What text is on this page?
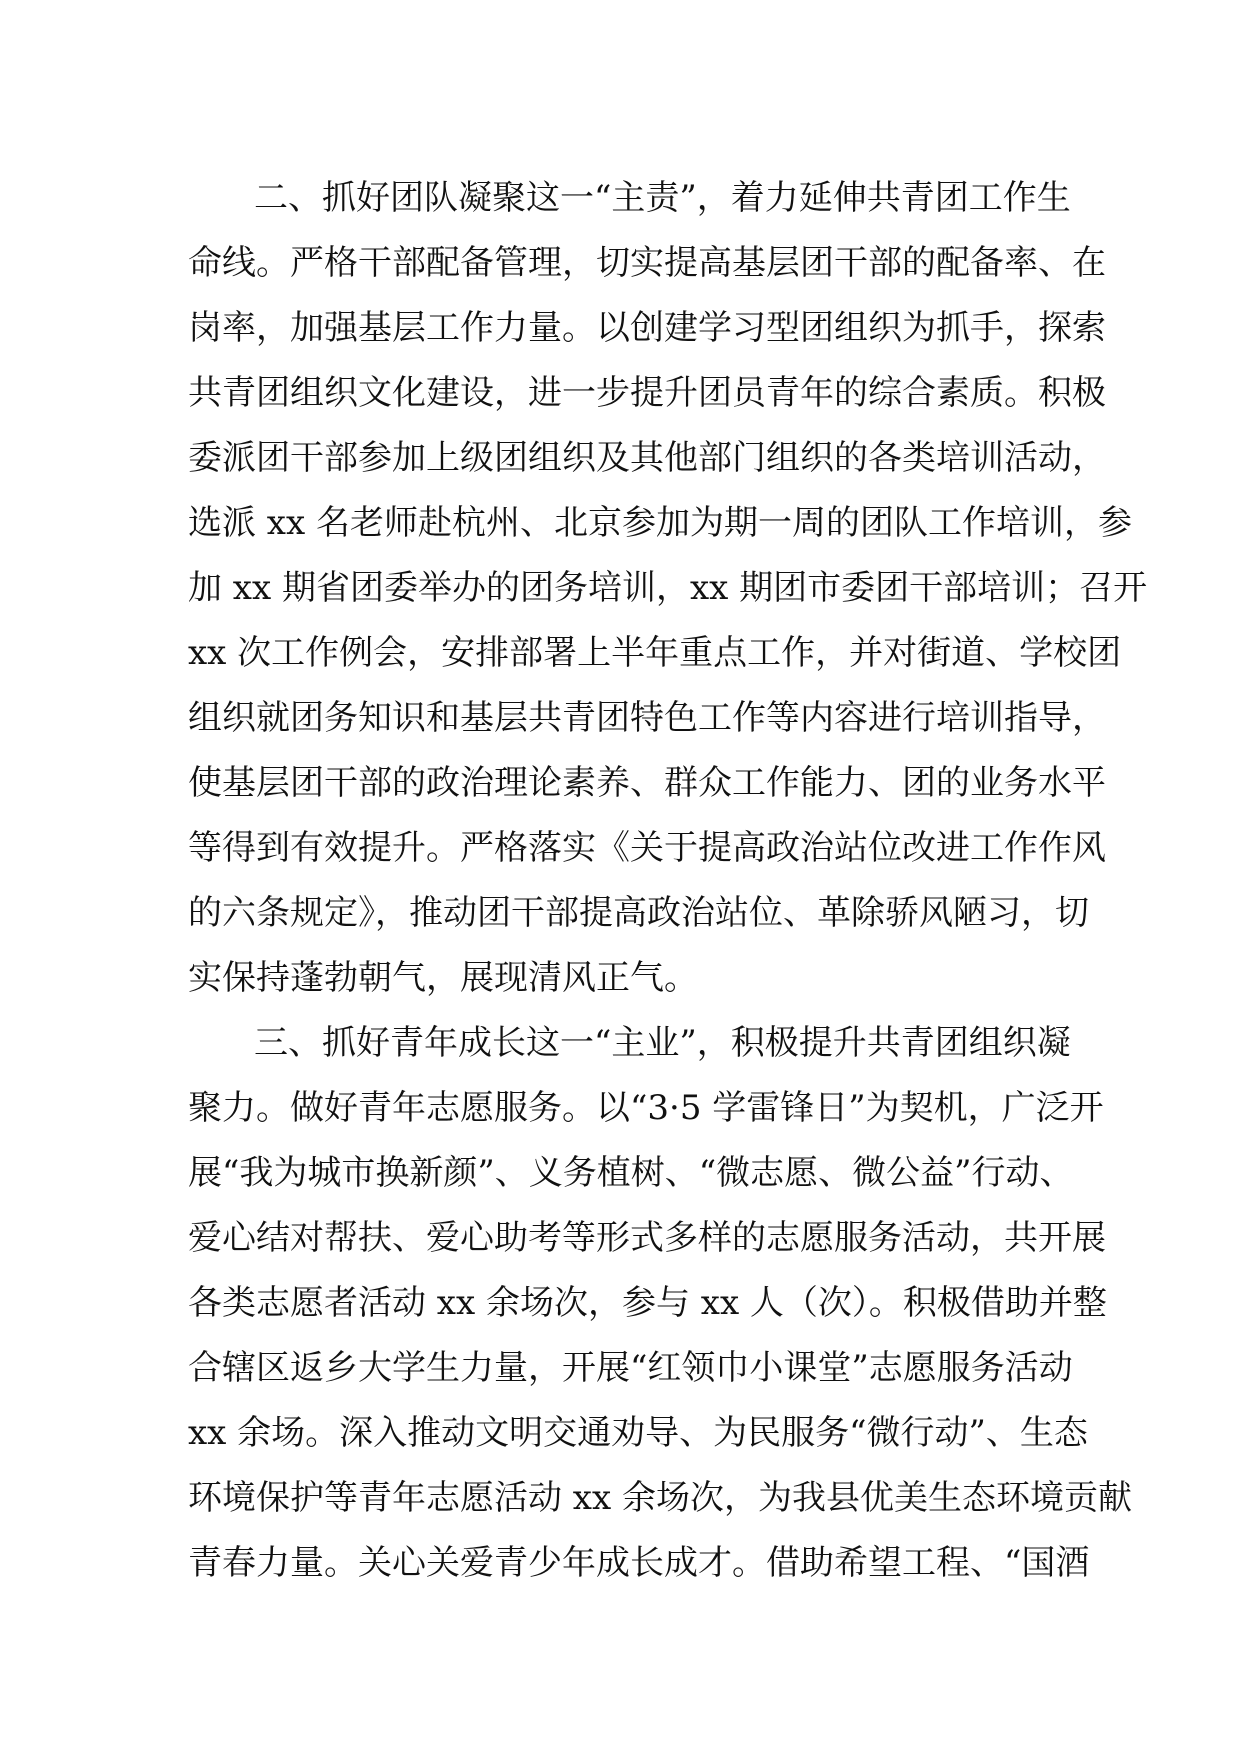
二、抓好团队凝聚这一“主责”，着力延伸共青团工作生
命线。严格干部配备管理，切实提高基层团干部的配备率、在
岗率，加强基层工作力量。以创建学习型团组织为抓手，探索
共青团组织文化建设，进一步提升团员青年的综合素质。积极
委派团干部参加上级团组织及其他部门组织的各类培训活动，
选派 xx 名老师赴杭州、北京参加为期一周的团队工作培训，参
加 xx 期省团委举办的团务培训，xx 期团市委团干部培训；召开
xx 次工作例会，安排部署上半年重点工作，并对街道、学校团
组织就团务知识和基层共青团特色工作等内容进行培训指导，
使基层团干部的政治理论素养、群众工作能力、团的业务水平
等得到有效提升。严格落实《关于提高政治站位改进工作作风
的六条规定》，推动团干部提高政治站位、革除骄风陋习，切
实保持蓬勃朝气，展现清风正气。
三、抓好青年成长这一“主业”，积极提升共青团组织凝
聚力。做好青年志愿服务。以“3·5 学雷锋日”为契机，广泛开
展“我为城市换新颜”、义务植树、“微志愿、微公益”行动、
爱心结对帮扶、爱心助考等形式多样的志愿服务活动，共开展
各类志愿者活动 xx 余场次，参与 xx 人（次）。积极借助并整
合辖区返乡大学生力量，开展“红领巾小课堂”志愿服务活动
xx 余场。深入推动文明交通劝导、为民服务“微行动”、生态
环境保护等青年志愿活动 xx 余场次，为我县优美生态环境贡献
青春力量。关心关爱青少年成长成才。借助希望工程、“国酒
